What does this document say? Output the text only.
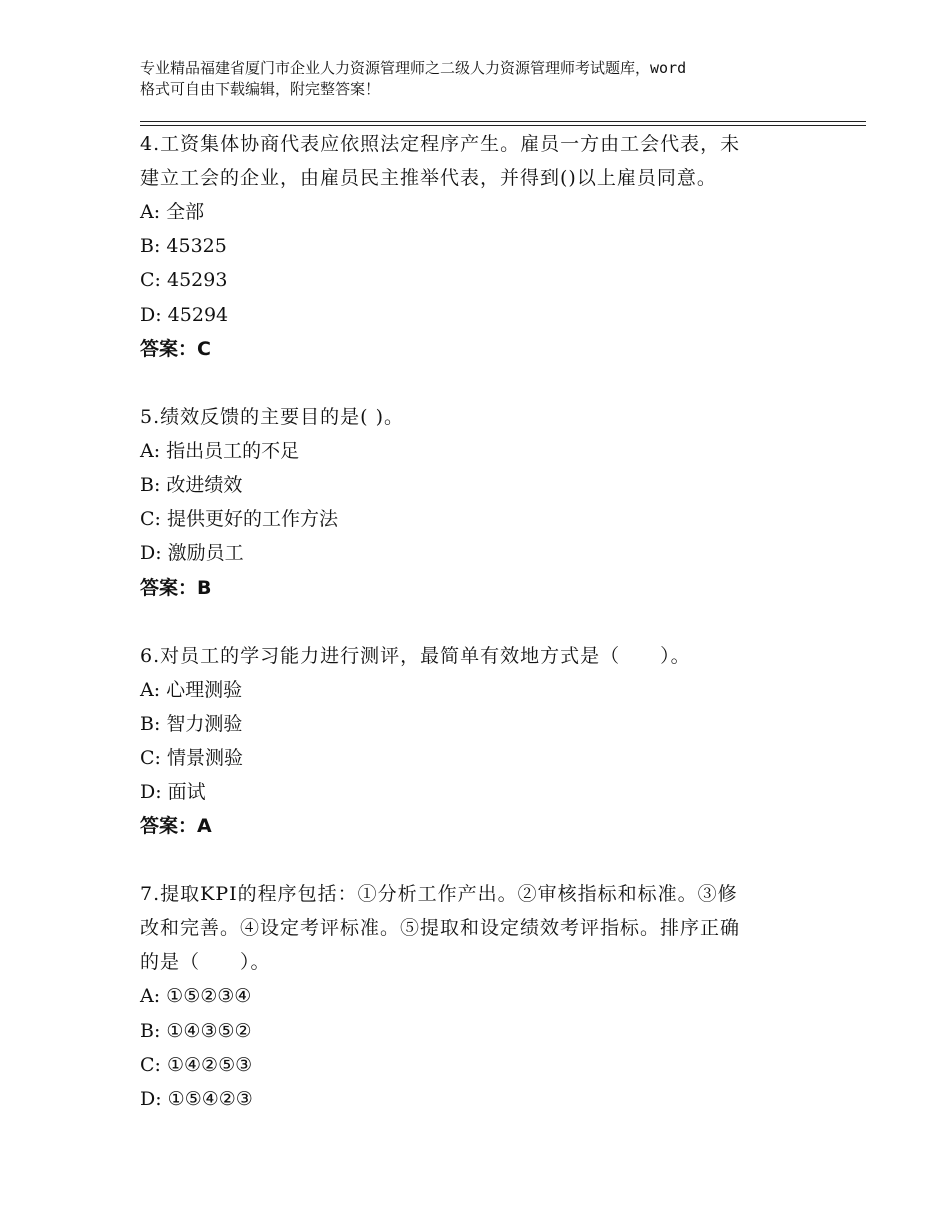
专业精品福建省厦门市企业人力资源管理师之二级人力资源管理师考试题库，word
格式可自由下载编辑，附完整答案！
4.工资集体协商代表应依照法定程序产生。雇员一方由工会代表，未
建立工会的企业，由雇员民主推举代表，并得到()以上雇员同意。
A: 全部
B: 45325
C: 45293
D: 45294
答案：C
5.绩效反馈的主要目的是( )。
A: 指出员工的不足
B: 改进绩效
C: 提供更好的工作方法
D: 激励员工
答案：B
6.对员工的学习能力进行测评，最简单有效地方式是（　　）。
A: 心理测验
B: 智力测验
C: 情景测验
D: 面试
答案：A
7.提取KPI的程序包括：①分析工作产出。②审核指标和标准。③修
改和完善。④设定考评标准。⑤提取和设定绩效考评指标。排序正确
的是（　　）。
A: ①⑤②③④
B: ①④③⑤②
C: ①④②⑤③
D: ①⑤④②③
